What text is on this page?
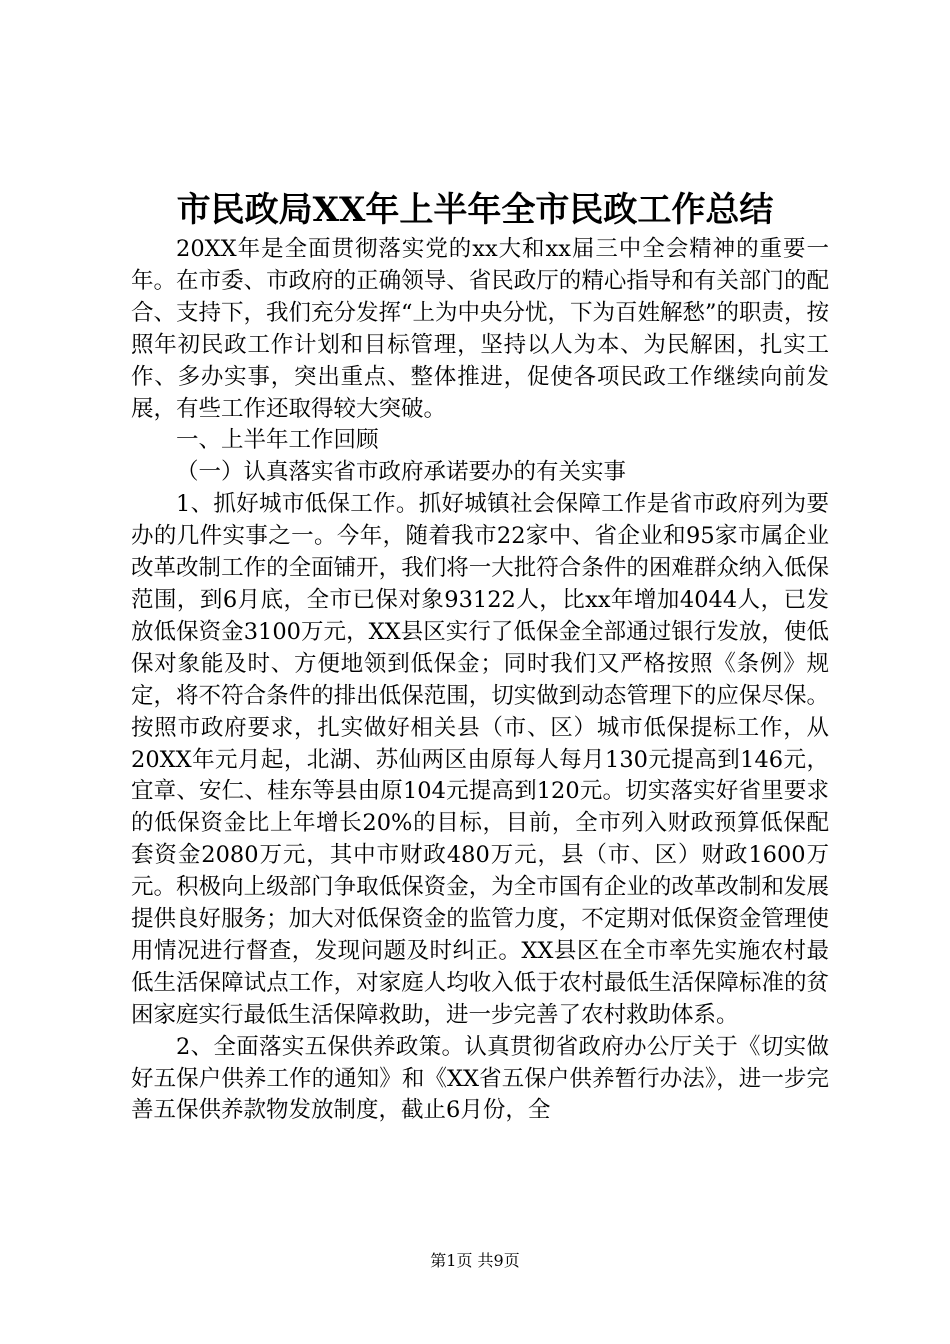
市民政局XX年上半年全市民政工作总结

20XX年是全面贯彻落实党的xx大和xx届三中全会精神的重要一年。在市委、市政府的正确领导、省民政厅的精心指导和有关部门的配合、支持下，我们充分发挥“上为中央分忧，下为百姓解愁”的职责，按照年初民政工作计划和目标管理，坚持以人为本、为民解困，扎实工作、多办实事，突出重点、整体推进，促使各项民政工作继续向前发展，有些工作还取得较大突破。

一、上半年工作回顾

（一）认真落实省市政府承诺要办的有关实事

1、抓好城市低保工作。抓好城镇社会保障工作是省市政府列为要办的几件实事之一。今年，随着我市22家中、省企业和95家市属企业改革改制工作的全面铺开，我们将一大批符合条件的困难群众纳入低保范围，到6月底，全市已保对象93122人，比xx年增加4044人，已发放低保资金3100万元，XX县区实行了低保金全部通过银行发放，使低保对象能及时、方便地领到低保金；同时我们又严格按照《条例》规定，将不符合条件的排出低保范围，切实做到动态管理下的应保尽保。按照市政府要求，扎实做好相关县（市、区）城市低保提标工作，从20XX年元月起，北湖、苏仙两区由原每人每月130元提高到146元，宜章、安仁、桂东等县由原104元提高到120元。切实落实好省里要求的低保资金比上年增长20%的目标，目前，全市列入财政预算低保配套资金2080万元，其中市财政480万元，县（市、区）财政1600万元。积极向上级部门争取低保资金，为全市国有企业的改革改制和发展提供良好服务；加大对低保资金的监管力度，不定期对低保资金管理使用情况进行督查，发现问题及时纠正。XX县区在全市率先实施农村最低生活保障试点工作，对家庭人均收入低于农村最低生活保障标准的贫困家庭实行最低生活保障救助，进一步完善了农村救助体系。

2、全面落实五保供养政策。认真贯彻省政府办公厅关于《切实做好五保户供养工作的通知》和《XX省五保户供养暂行办法》，进一步完善五保供养款物发放制度，截止6月份，全

第1页 共9页
